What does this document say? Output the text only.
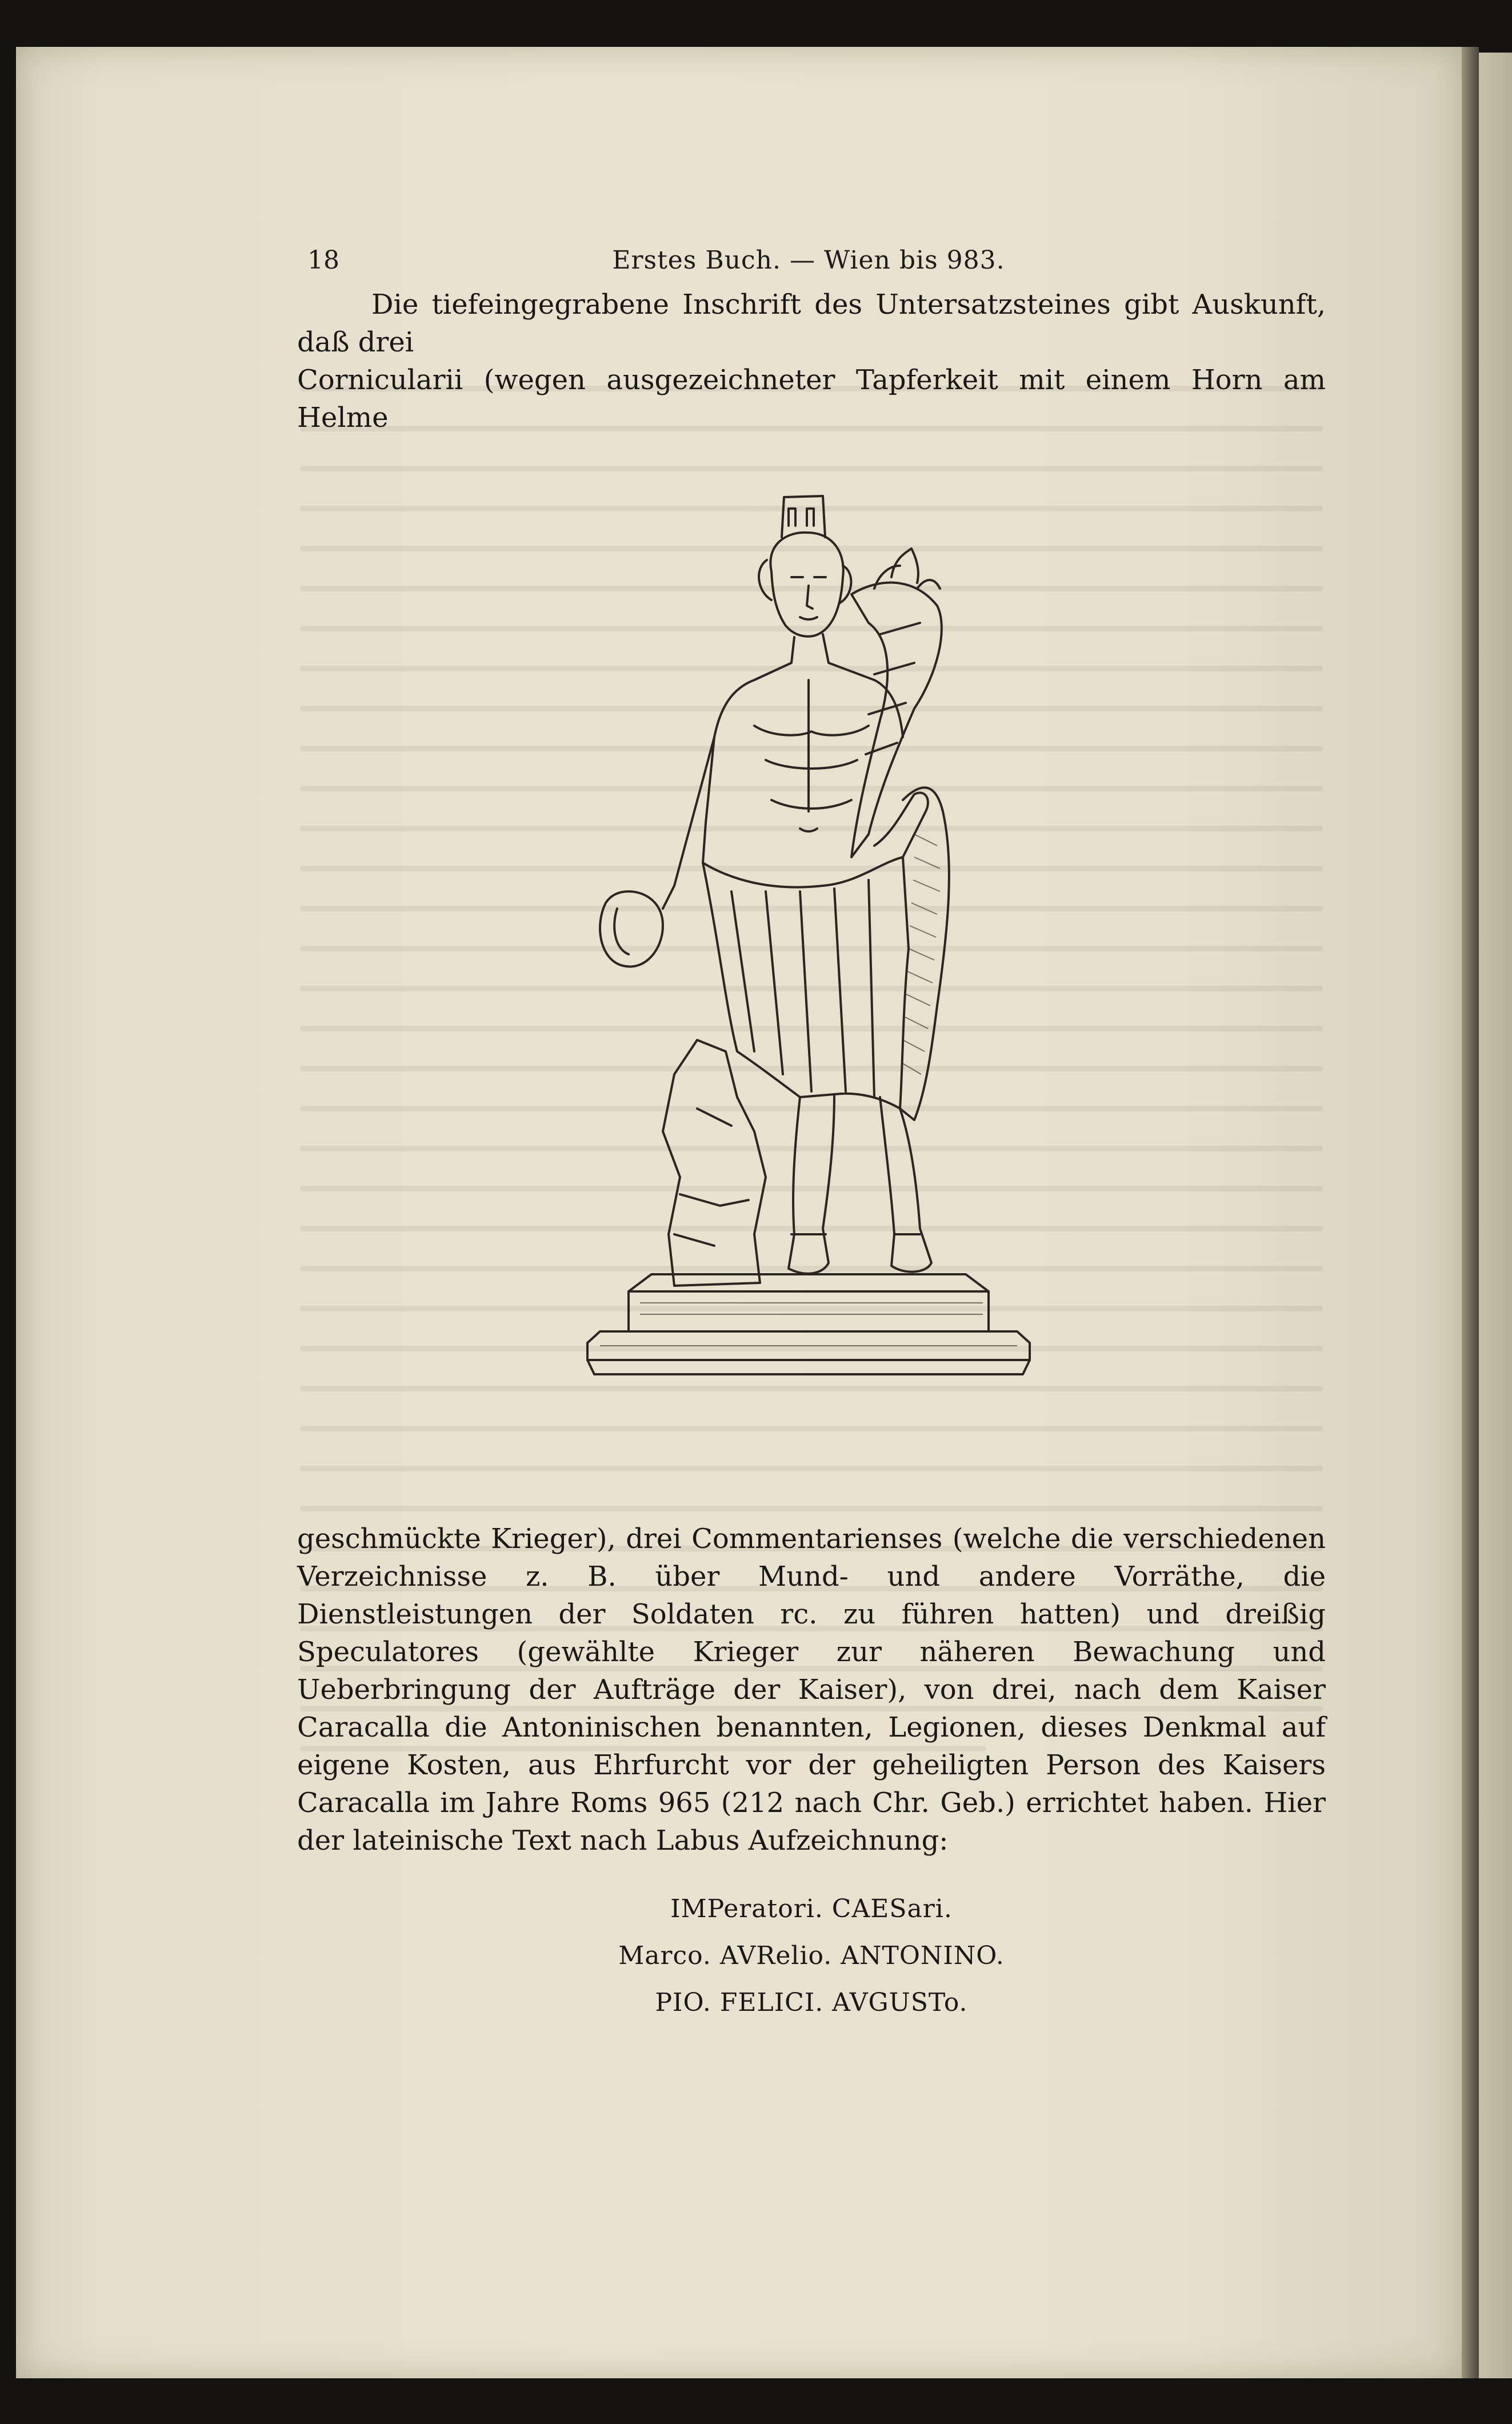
18	Erstes Buch. — Wien bis 983.
Die tiefeingegrabene Inschrift des Untersatzsteines gibt Auskunft, daß drei
Cornicularii (wegen ausgezeichneter Tapferkeit mit einem Horn am Helme
geschmückte Krieger), drei Commentarienses (welche die verschiedenen Verzeichnisse z. B. über Mund- und andere Vorräthe, die Dienstleistungen der Soldaten rc. zu führen hatten) und dreißig Speculatores (gewählte Krieger zur näheren Bewachung und Ueberbringung der Aufträge der Kaiser), von drei, nach dem Kaiser Caracalla die Antoninischen benannten, Legionen, dieses Denkmal auf eigene Kosten, aus Ehrfurcht vor der geheiligten Person des Kaisers Caracalla im Jahre Roms 965 (212 nach Chr. Geb.) errichtet haben. Hier der lateinische Text nach Labus Aufzeichnung:
IMPeratori. CAESari.
Marco. AVRelio. ANTONINO.
PIO. FELICI. AVGUSTo.
